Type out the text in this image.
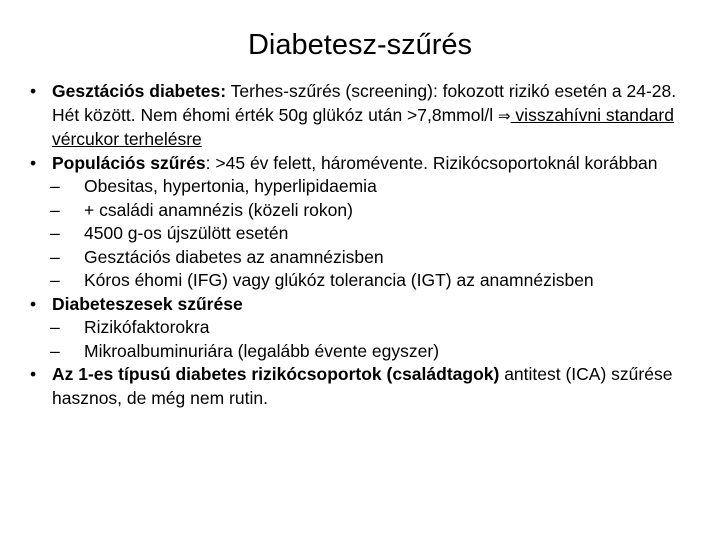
Diabetesz-szűrés
• Gesztációs diabetes: Terhes-szűrés (screening): fokozott rizikó esetén a 24-28. Hét között. Nem éhomi érték 50g glükóz után >7,8mmol/l ⇒ visszahívni standard vércukor terhelésre
• Populációs szűrés: >45 év felett, háromévente. Rizikócsoportoknál korábban
– Obesitas, hypertonia, hyperlipidaemia
– + családi anamnézis (közeli rokon)
– 4500 g-os újszülött esetén
– Gesztációs diabetes az anamnézisben
– Kóros éhomi (IFG) vagy glúkóz tolerancia (IGT) az anamnézisben
• Diabeteszesek szűrése
– Rizikófaktorokra
– Mikroalbuminuriára (legalább évente egyszer)
• Az 1-es típusú diabetes rizikócsoportok (családtagok) antitest (ICA) szűrése hasznos, de még nem rutin.
